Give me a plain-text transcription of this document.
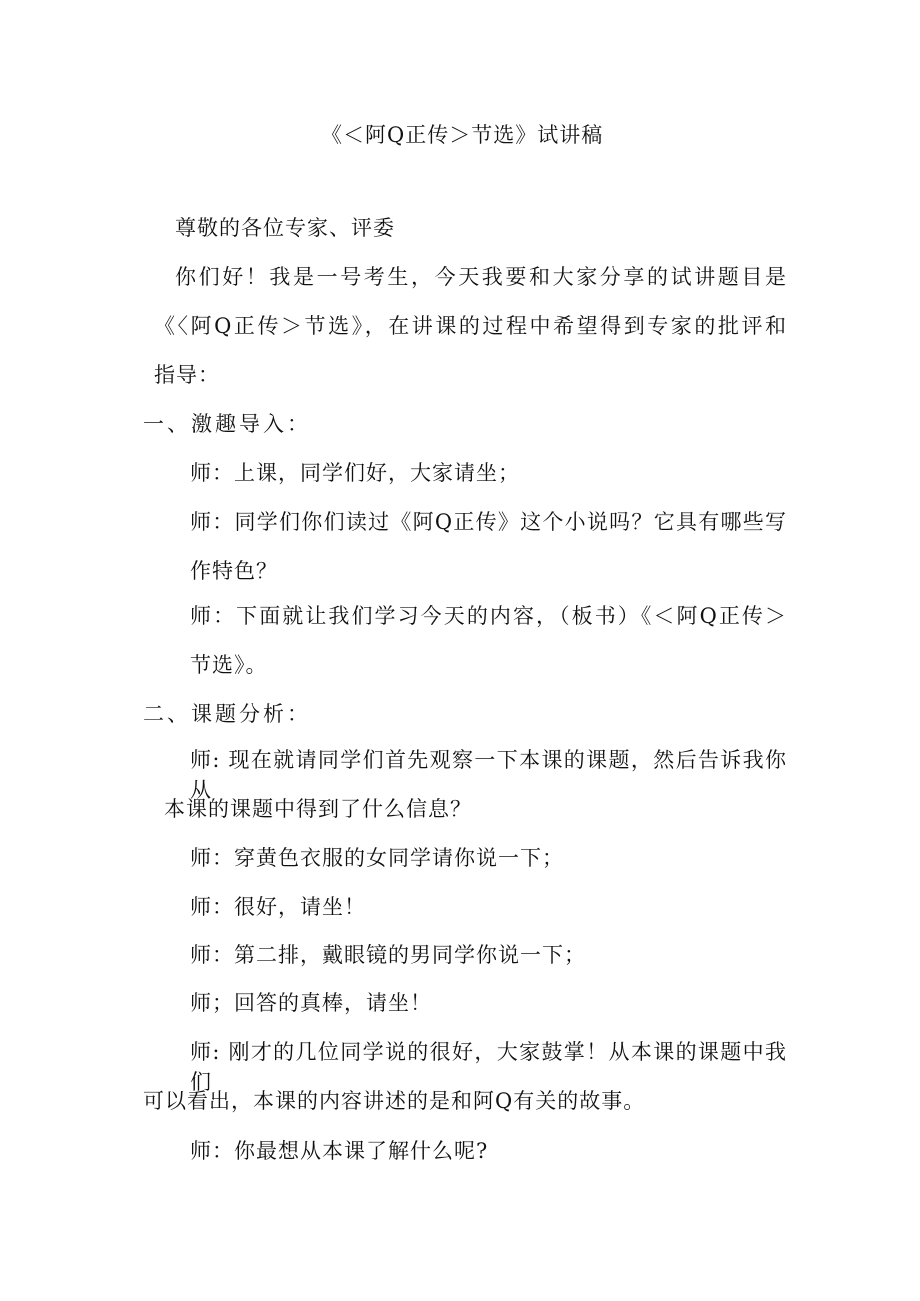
《＜阿Q正传＞节选》试讲稿
尊敬的各位专家、评委
你们好！我是一号考生，今天我要和大家分享的试讲题目是
《〈阿Q正传＞节选》，在讲课的过程中希望得到专家的批评和
指导：
一、激趣导入：
师：上课，同学们好，大家请坐；
师：同学们你们读过《阿Q正传》这个小说吗？它具有哪些写
作特色？
师：下面就让我们学习今天的内容，（板书）《＜阿Q正传＞
节选》。
二、课题分析：
师: 现在就请同学们首先观察一下本课的课题，然后告诉我你从
本课的课题中得到了什么信息？
师：穿黄色衣服的女同学请你说一下；
师：很好，请坐！
师：第二排，戴眼镜的男同学你说一下；
师；回答的真棒，请坐！
师: 刚才的几位同学说的很好，大家鼓掌！从本课的课题中我们
可以看出，本课的内容讲述的是和阿Q有关的故事。
师：你最想从本课了解什么呢?
